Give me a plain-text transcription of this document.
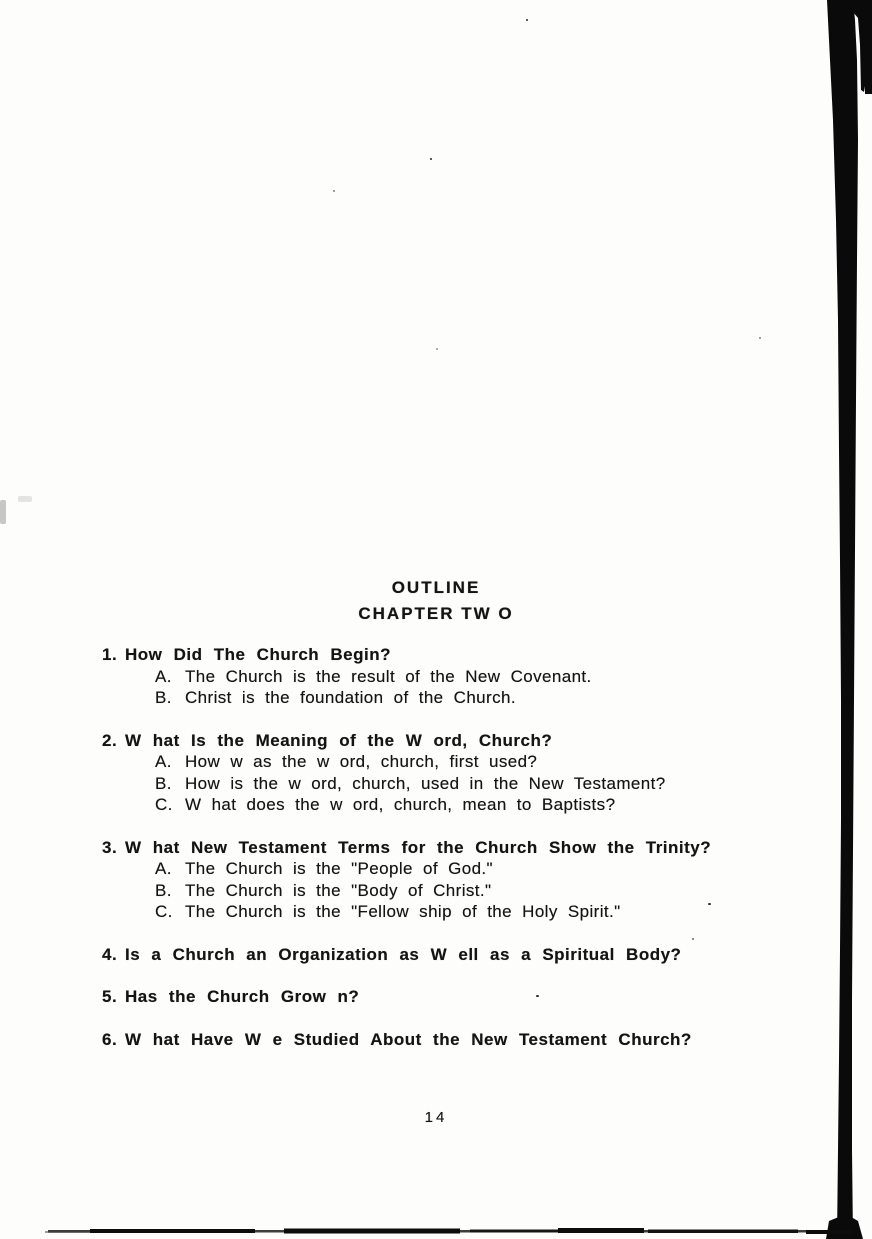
OUTLINE
CHAPTER TW O
1. How Did The Church Begin?
A. The Church is the result of the New Covenant.
B. Christ is the foundation of the Church.
2. W hat Is the Meaning of the W ord, Church?
A. How w as the w ord, church, first used?
B. How is the w ord, church, used in the New Testament?
C. W hat does the w ord, church, mean to Baptists?
3. W hat New Testament Terms for the Church Show the Trinity?
A. The Church is the "People of God."
B. The Church is the "Body of Christ."
C. The Church is the "Fellow ship of the Holy Spirit."
4. Is a Church an Organization as W ell as a Spiritual Body?
5. Has the Church Grow n?
6. W hat Have W e Studied About the New Testament Church?
14
